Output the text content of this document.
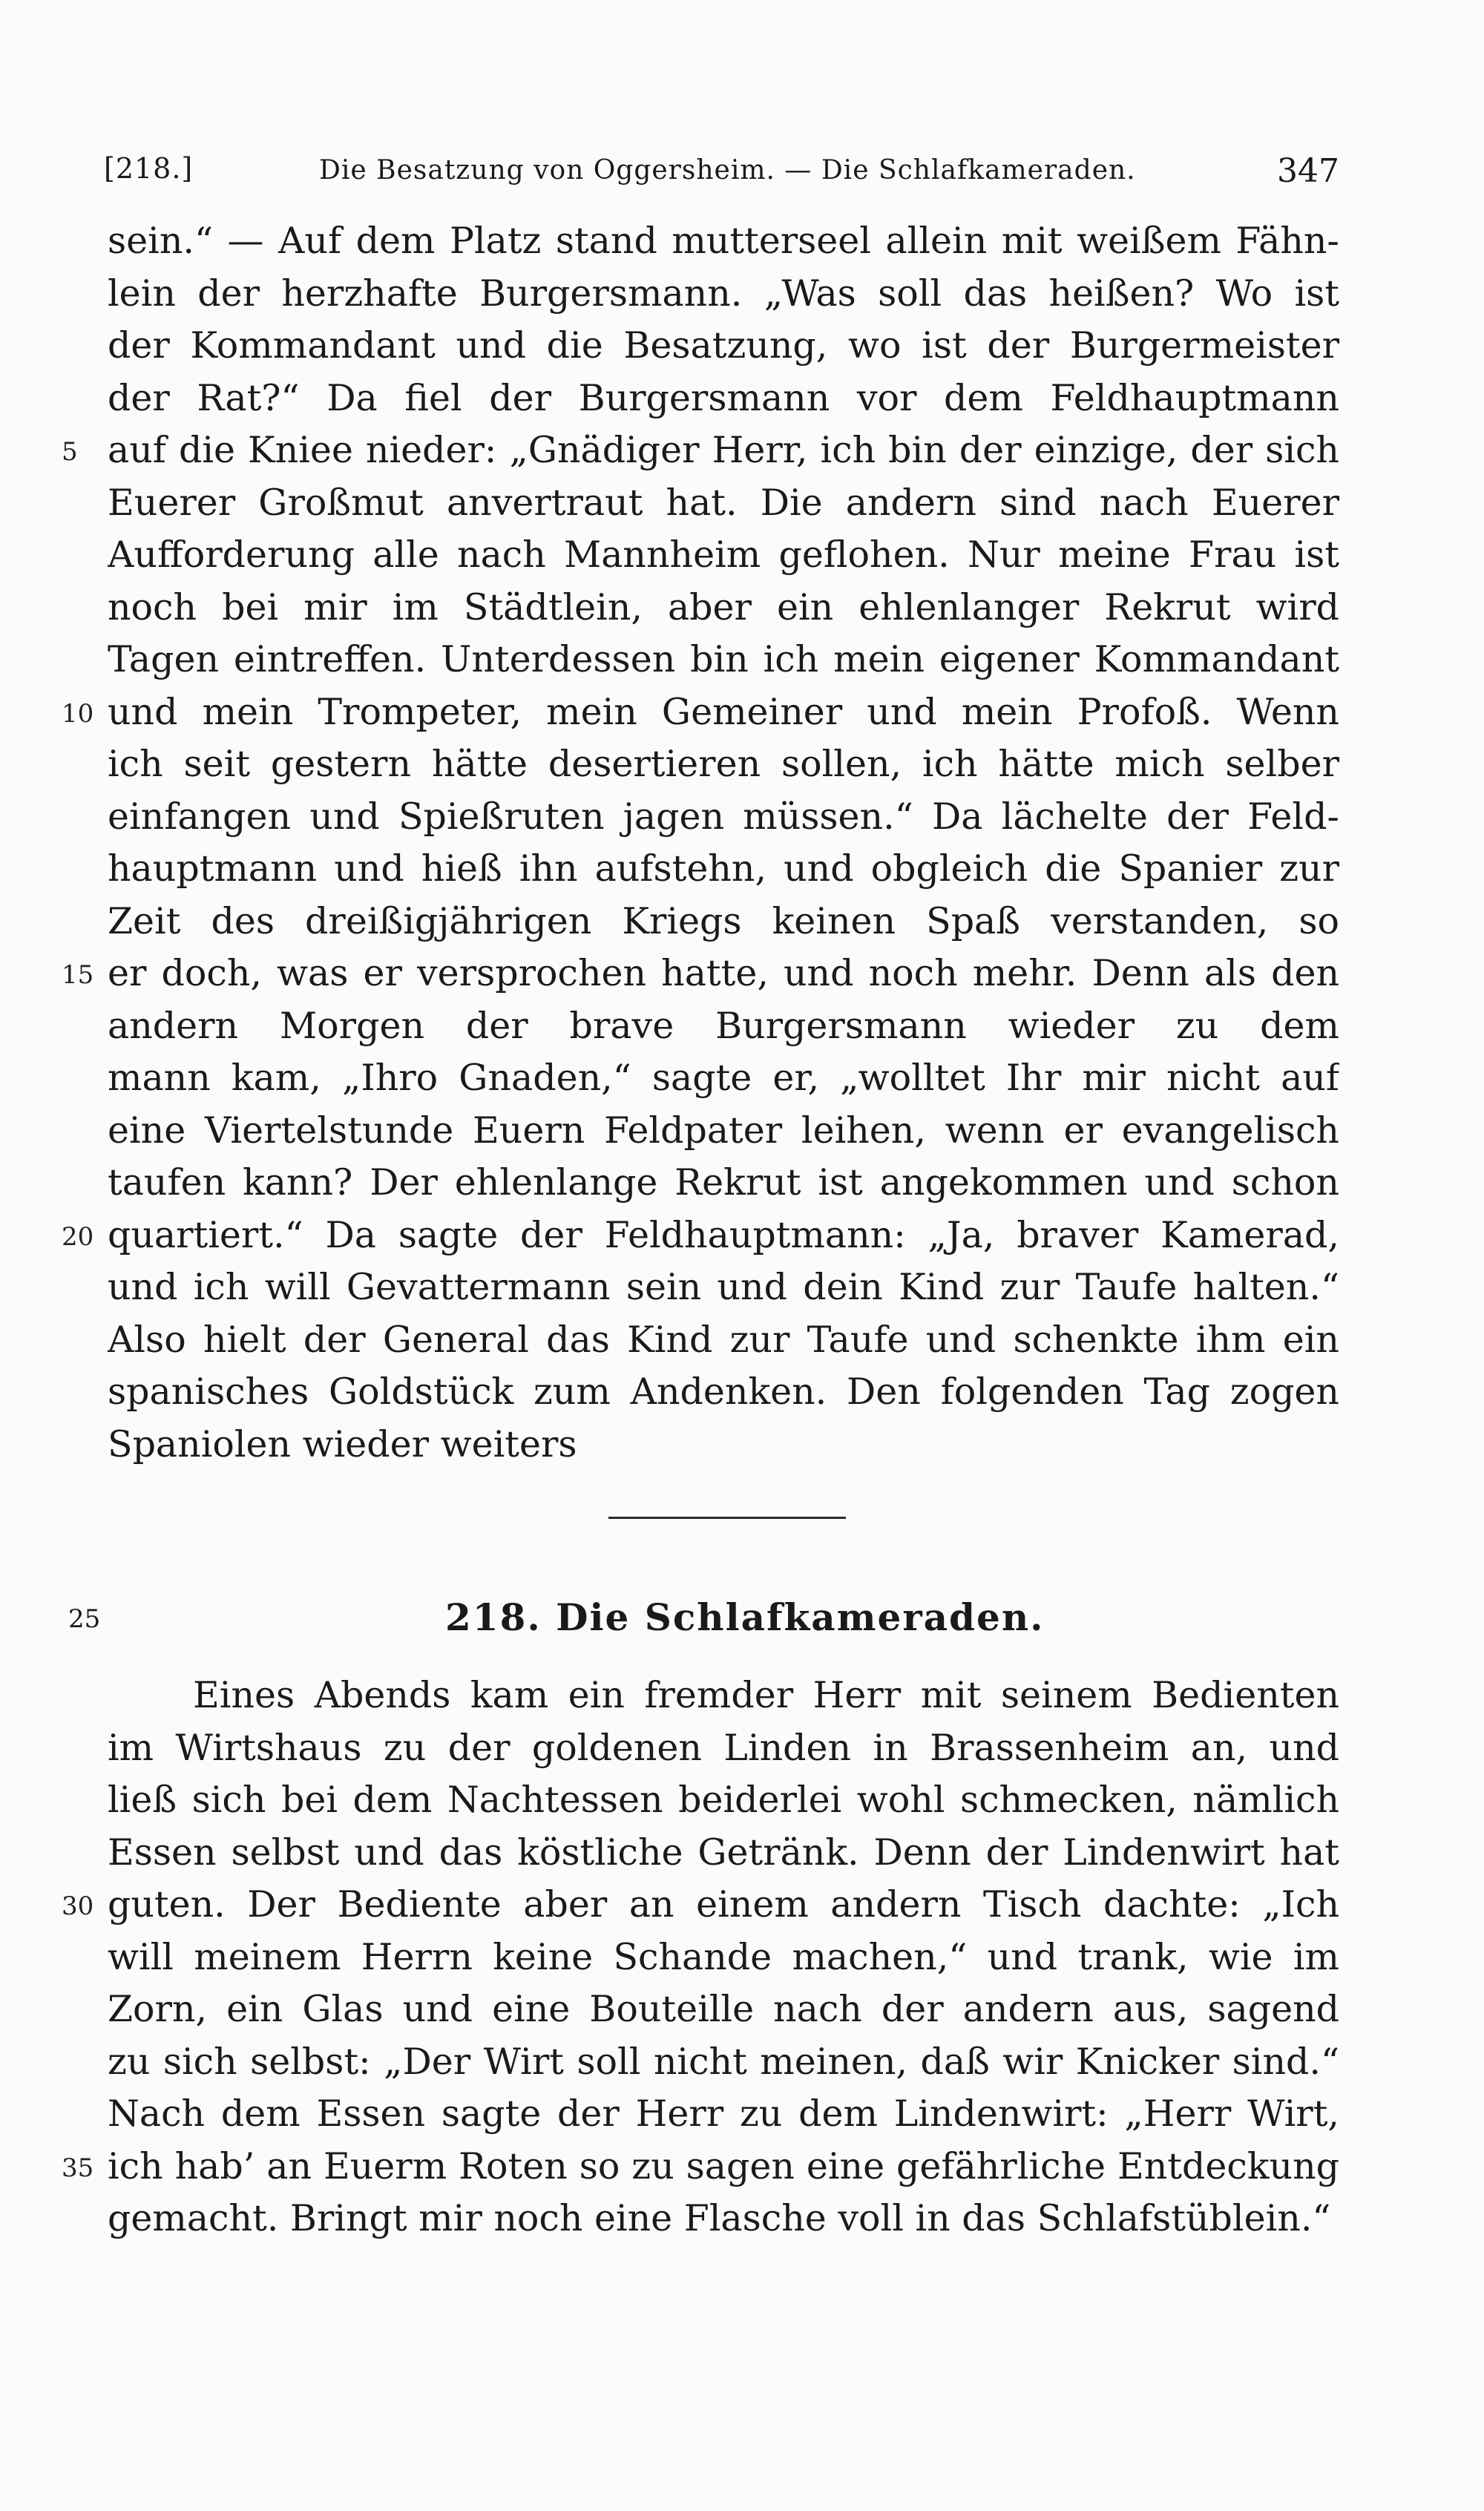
[218.]	Die Besatzung von Oggersheim. — Die Schlafkameraden.	347
sein.“ — Auf dem Platz stand mutterseel allein mit weißem Fähn-
lein der herzhafte Burgersmann. „Was soll das heißen? Wo ist
der Kommandant und die Besatzung, wo ist der Burgermeister
der Rat?“ Da fiel der Burgersmann vor dem Feldhauptmann
5 auf die Kniee nieder: „Gnädiger Herr, ich bin der einzige, der sich
Euerer Großmut anvertraut hat. Die andern sind nach Euerer
Aufforderung alle nach Mannheim geflohen. Nur meine Frau ist
noch bei mir im Städtlein, aber ein ehlenlanger Rekrut wird
Tagen eintreffen. Unterdessen bin ich mein eigener Kommandant
10 und mein Trompeter, mein Gemeiner und mein Profoß. Wenn
ich seit gestern hätte desertieren sollen, ich hätte mich selber
einfangen und Spießruten jagen müssen.“ Da lächelte der Feld-
hauptmann und hieß ihn aufstehn, und obgleich die Spanier zur
Zeit des dreißigjährigen Kriegs keinen Spaß verstanden, so
15 er doch, was er versprochen hatte, und noch mehr. Denn als den
andern Morgen der brave Burgersmann wieder zu dem
mann kam, „Ihro Gnaden,“ sagte er, „wolltet Ihr mir nicht auf
eine Viertelstunde Euern Feldpater leihen, wenn er evangelisch
taufen kann? Der ehlenlange Rekrut ist angekommen und schon
20 quartiert.“ Da sagte der Feldhauptmann: „Ja, braver Kamerad,
und ich will Gevattermann sein und dein Kind zur Taufe halten.“
Also hielt der General das Kind zur Taufe und schenkte ihm ein
spanisches Goldstück zum Andenken. Den folgenden Tag zogen
Spaniolen wieder weiters
25	218. Die Schlafkameraden.
Eines Abends kam ein fremder Herr mit seinem Bedienten
im Wirtshaus zu der goldenen Linden in Brassenheim an, und
ließ sich bei dem Nachtessen beiderlei wohl schmecken, nämlich
Essen selbst und das köstliche Getränk. Denn der Lindenwirt hat
30 guten. Der Bediente aber an einem andern Tisch dachte: „Ich
will meinem Herrn keine Schande machen,“ und trank, wie im
Zorn, ein Glas und eine Bouteille nach der andern aus, sagend
zu sich selbst: „Der Wirt soll nicht meinen, daß wir Knicker sind.“
Nach dem Essen sagte der Herr zu dem Lindenwirt: „Herr Wirt,
35 ich hab’ an Euerm Roten so zu sagen eine gefährliche Entdeckung
gemacht. Bringt mir noch eine Flasche voll in das Schlafstüblein.“
